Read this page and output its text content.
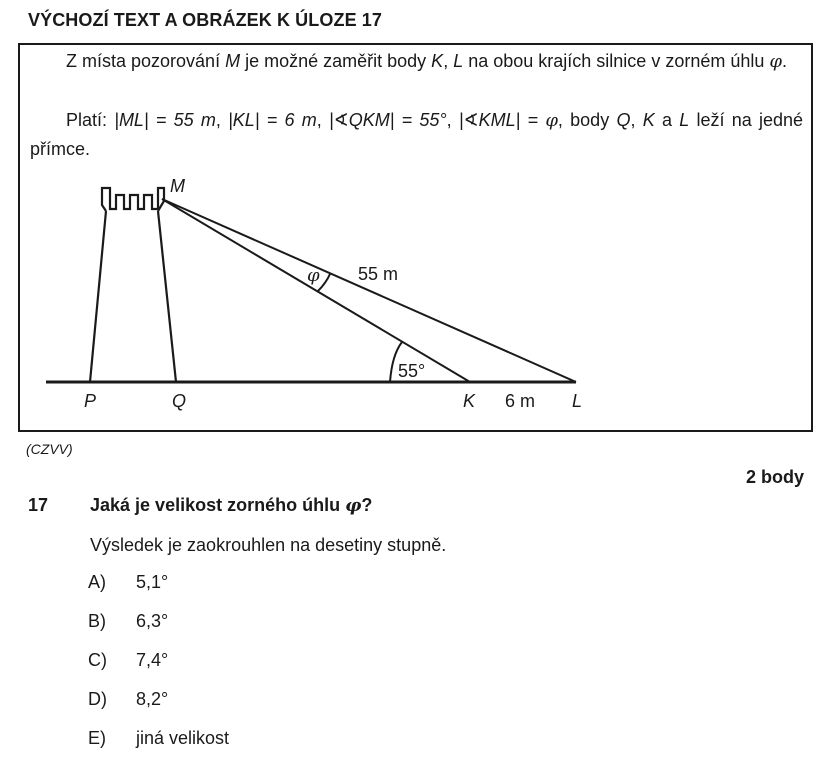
VÝCHOZÍ TEXT A OBRÁZEK K ÚLOZE 17

Z místa pozorování M je možné zaměřit body K, L na obou krajích silnice v zorném úhlu φ.

Platí: |ML| = 55 m, |KL| = 6 m, |∢QKM| = 55°, |∢KML| = φ, body Q, K a L leží na jedné přímce.

M
P	Q	K	L
φ 55 m
6 m
55°
(CZVV)
2 body
17 Jaká je velikost zorného úhlu φ?
Výsledek je zaokrouhlen na desetiny stupně.
A) 5,1°
B) 6,3°
C) 7,4°
D) 8,2°
E) jiná velikost
